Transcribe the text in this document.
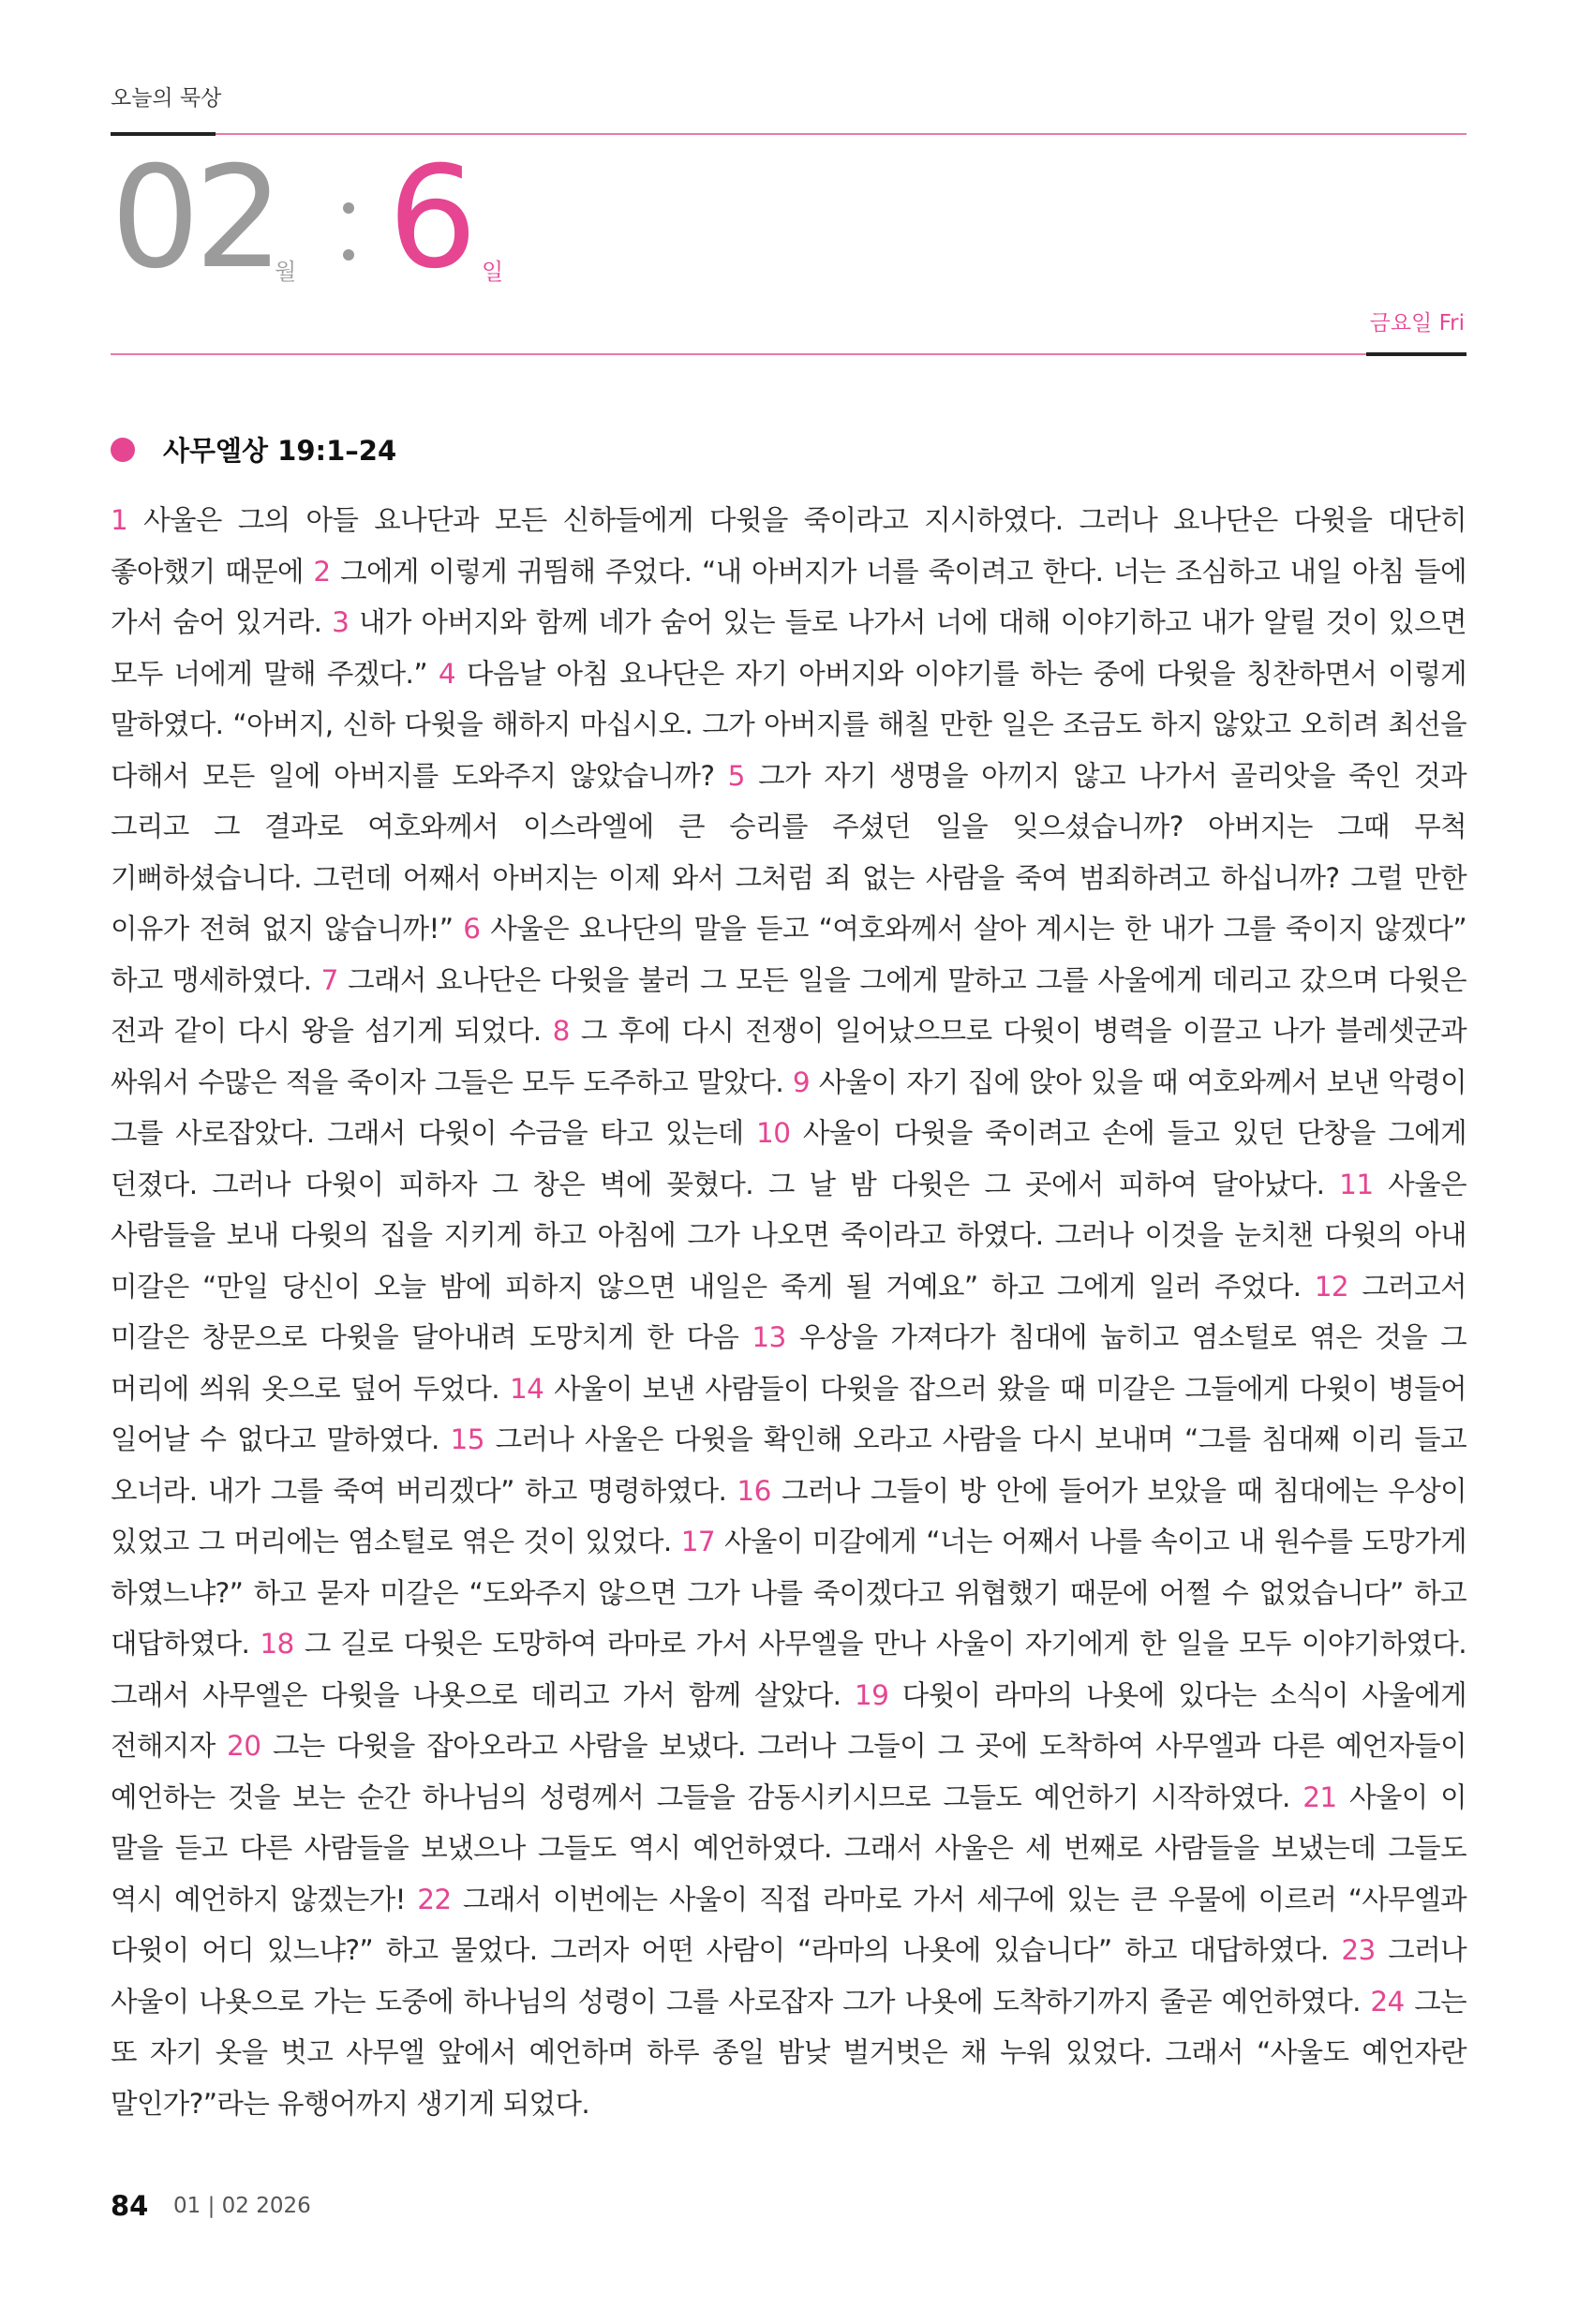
오늘의 묵상
02
월 6 일
금요일 Fri
사무엘상 19:1–24
1 사울은 그의 아들 요나단과 모든 신하들에게 다윗을 죽이라고 지시하였다. 그러나 요나단은 다윗을 대단히 좋아했기 때문에 2 그에게 이렇게 귀띔해 주었다. “내 아버지가 너를 죽이려고 한다. 너는 조심하고 내일 아침 들에 가서 숨어 있거라. 3 내가 아버지와 함께 네가 숨어 있는 들로 나가서 너에 대해 이야기하고 내가 알릴 것이 있으면 모두 너에게 말해 주겠다.” 4 다음날 아침 요나단은 자기 아버지와 이야기를 하는 중에 다윗을 칭찬하면서 이렇게 말하였다. “아버지, 신하 다윗을 해하지 마십시오. 그가 아버지를 해칠 만한 일은 조금도 하지 않았고 오히려 최선을 다해서 모든 일에 아버지를 도와주지 않았습니까? 5 그가 자기 생명을 아끼지 않고 나가서 골리앗을 죽인 것과 그리고 그 결과로 여호와께서 이스라엘에 큰 승리를 주셨던 일을 잊으셨습니까? 아버지는 그때 무척 기뻐하셨습니다. 그런데 어째서 아버지는 이제 와서 그처럼 죄 없는 사람을 죽여 범죄하려고 하십니까? 그럴 만한 이유가 전혀 없지 않습니까!” 6 사울은 요나단의 말을 듣고 “여호와께서 살아 계시는 한 내가 그를 죽이지 않겠다” 하고 맹세하였다. 7 그래서 요나단은 다윗을 불러 그 모든 일을 그에게 말하고 그를 사울에게 데리고 갔으며 다윗은 전과 같이 다시 왕을 섬기게 되었다. 8 그 후에 다시 전쟁이 일어났으므로 다윗이 병력을 이끌고 나가 블레셋군과 싸워서 수많은 적을 죽이자 그들은 모두 도주하고 말았다. 9 사울이 자기 집에 앉아 있을 때 여호와께서 보낸 악령이 그를 사로잡았다. 그래서 다윗이 수금을 타고 있는데 10 사울이 다윗을 죽이려고 손에 들고 있던 단창을 그에게 던졌다. 그러나 다윗이 피하자 그 창은 벽에 꽂혔다. 그 날 밤 다윗은 그 곳에서 피하여 달아났다. 11 사울은 사람들을 보내 다윗의 집을 지키게 하고 아침에 그가 나오면 죽이라고 하였다. 그러나 이것을 눈치챈 다윗의 아내 미갈은 “만일 당신이 오늘 밤에 피하지 않으면 내일은 죽게 될 거예요” 하고 그에게 일러 주었다. 12 그러고서 미갈은 창문으로 다윗을 달아내려 도망치게 한 다음 13 우상을 가져다가 침대에 눕히고 염소털로 엮은 것을 그 머리에 씌워 옷으로 덮어 두었다. 14 사울이 보낸 사람들이 다윗을 잡으러 왔을 때 미갈은 그들에게 다윗이 병들어 일어날 수 없다고 말하였다. 15 그러나 사울은 다윗을 확인해 오라고 사람을 다시 보내며 “그를 침대째 이리 들고 오너라. 내가 그를 죽여 버리겠다” 하고 명령하였다. 16 그러나 그들이 방 안에 들어가 보았을 때 침대에는 우상이 있었고 그 머리에는 염소털로 엮은 것이 있었다. 17 사울이 미갈에게 “너는 어째서 나를 속이고 내 원수를 도망가게 하였느냐?” 하고 묻자 미갈은 “도와주지 않으면 그가 나를 죽이겠다고 위협했기 때문에 어쩔 수 없었습니다” 하고 대답하였다. 18 그 길로 다윗은 도망하여 라마로 가서 사무엘을 만나 사울이 자기에게 한 일을 모두 이야기하였다. 그래서 사무엘은 다윗을 나욧으로 데리고 가서 함께 살았다. 19 다윗이 라마의 나욧에 있다는 소식이 사울에게 전해지자 20 그는 다윗을 잡아오라고 사람을 보냈다. 그러나 그들이 그 곳에 도착하여 사무엘과 다른 예언자들이 예언하는 것을 보는 순간 하나님의 성령께서 그들을 감동시키시므로 그들도 예언하기 시작하였다. 21 사울이 이 말을 듣고 다른 사람들을 보냈으나 그들도 역시 예언하였다. 그래서 사울은 세 번째로 사람들을 보냈는데 그들도 역시 예언하지 않겠는가! 22 그래서 이번에는 사울이 직접 라마로 가서 세구에 있는 큰 우물에 이르러 “사무엘과 다윗이 어디 있느냐?” 하고 물었다. 그러자 어떤 사람이 “라마의 나욧에 있습니다” 하고 대답하였다. 23 그러나 사울이 나욧으로 가는 도중에 하나님의 성령이 그를 사로잡자 그가 나욧에 도착하기까지 줄곧 예언하였다. 24 그는 또 자기 옷을 벗고 사무엘 앞에서 예언하며 하루 종일 밤낮 벌거벗은 채 누워 있었다. 그래서 “사울도 예언자란 말인가?”라는 유행어까지 생기게 되었다.
84 01 | 02 2026
